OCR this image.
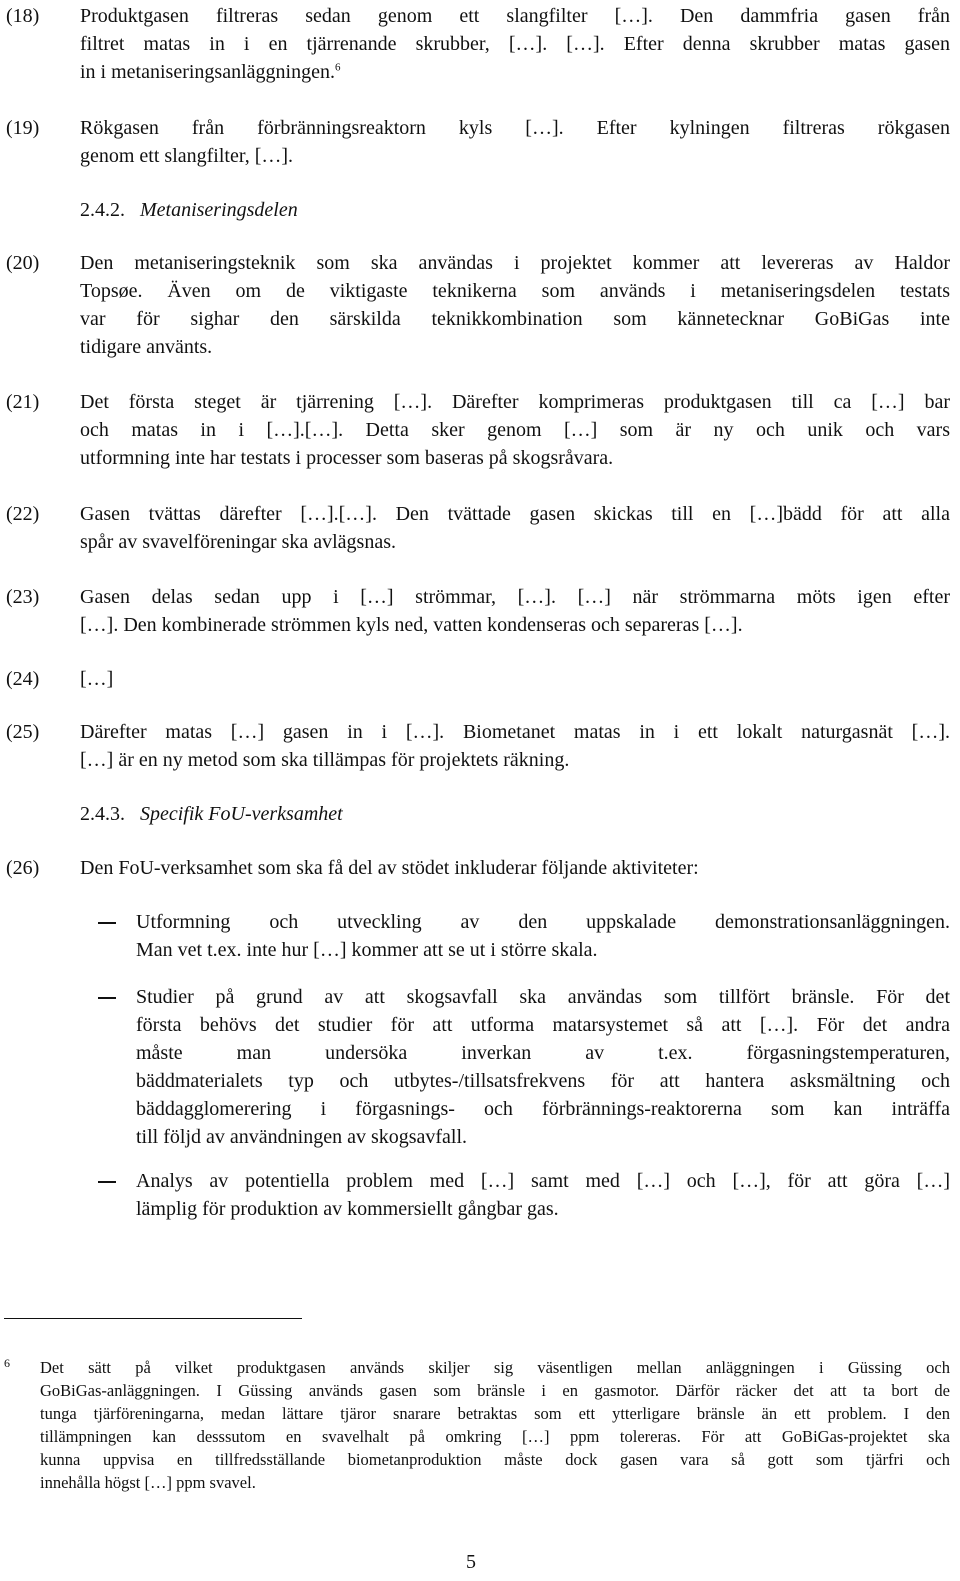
(18) Produktgasen filtreras sedan genom ett slangfilter […]. Den dammfria gasen från
filtret matas in i en tjärrenande skrubber, […]. […]. Efter denna skrubber matas gasen
in i metaniseringsanläggningen.$^6$
(19) Rökgasen från förbränningsreaktorn kyls […]. Efter kylningen filtreras rökgasen
genom ett slangfilter, […].
2.4.2. Metaniseringsdelen
(20) Den metaniseringsteknik som ska användas i projektet kommer att levereras av Haldor
Topsøe. Även om de viktigaste teknikerna som används i metaniseringsdelen testats
var för sighar den särskilda teknikkombination som kännetecknar GoBiGas inte
tidigare använts.
(21) Det första steget är tjärrening […]. Därefter komprimeras produktgasen till ca […] bar
och matas in i […].[…]. Detta sker genom […] som är ny och unik och vars
utformning inte har testats i processer som baseras på skogsråvara.
(22) Gasen tvättas därefter […].[…]. Den tvättade gasen skickas till en […]bädd för att alla
spår av svavelföreningar ska avlägsnas.
(23) Gasen delas sedan upp i […] strömmar, […]. […] när strömmarna möts igen efter
[…]. Den kombinerade strömmen kyls ned, vatten kondenseras och separeras […].
(24) […]
(25) Därefter matas […] gasen in i […]. Biometanet matas in i ett lokalt naturgasnät […].
[…] är en ny metod som ska tillämpas för projektets räkning.
2.4.3. Specifik FoU-verksamhet
(26) Den FoU-verksamhet som ska få del av stödet inkluderar följande aktiviteter:
Utformning och utveckling av den uppskalade demonstrationsanläggningen.
Man vet t.ex. inte hur […] kommer att se ut i större skala.
Studier på grund av att skogsavfall ska användas som tillfört bränsle. För det
första behövs det studier för att utforma matarsystemet så att […]. För det andra
måste man undersöka inverkan av t.ex. förgasningstemperaturen,
bäddmaterialets typ och utbytes-/tillsatsfrekvens för att hantera asksmältning och
bäddagglomerering i förgasnings- och förbrännings-reaktorerna som kan inträffa
till följd av användningen av skogsavfall.
Analys av potentiella problem med […] samt med […] och […], för att göra […]
lämplig för produktion av kommersiellt gångbar gas.
6 Det sätt på vilket produktgasen används skiljer sig väsentligen mellan anläggningen i Güssing och
GoBiGas-anläggningen. I Güssing används gasen som bränsle i en gasmotor. Därför räcker det att ta bort de
tunga tjärföreningarna, medan lättare tjäror snarare betraktas som ett ytterligare bränsle än ett problem. I den
tillämpningen kan desssutom en svavelhalt på omkring […] ppm tolereras. För att GoBiGas-projektet ska
kunna uppvisa en tillfredsställande biometanproduktion måste dock gasen vara så gott som tjärfri och
innehålla högst […] ppm svavel.
5
